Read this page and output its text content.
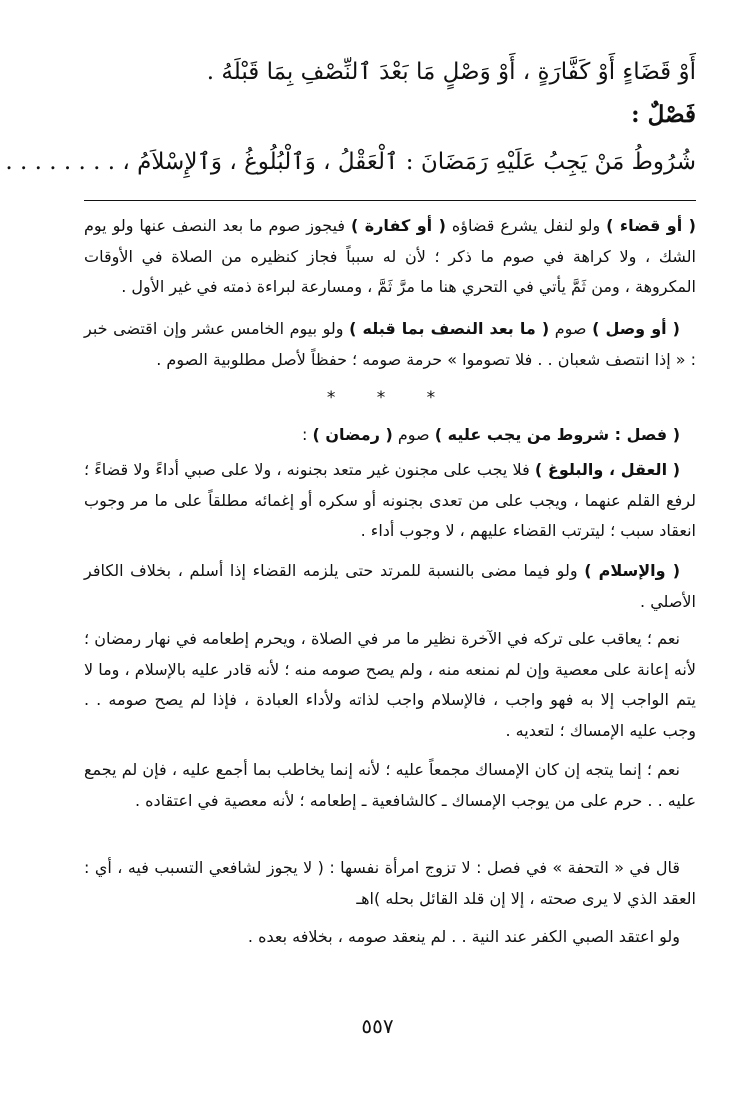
أَوْ قَضَاءٍ أَوْ كَفَّارَةٍ ، أَوْ وَصْلٍ مَا بَعْدَ ٱلنِّصْفِ بِمَا قَبْلَهُ .
فَصْلٌ :
شُرُوطُ مَنْ يَجِبُ عَلَيْهِ رَمَضَانَ : ٱلْعَقْلُ ، وَٱلْبُلُوغُ ، وَٱلإِسْلاَمُ ، . . . . . . . .
( أو قضاء ) ولو لنفل يشرع قضاؤه ( أو كفارة ) فيجوز صوم ما بعد النصف عنها ولو يوم الشك ، ولا كراهة في صوم ما ذكر ؛ لأن له سبباً فجاز كنظيره من الصلاة في الأوقات المكروهة ، ومن ثَمَّ يأتي في التحري هنا ما مرَّ ثَمَّ ، ومسارعة لبراءة ذمته في غير الأول .
( أو وصل ) صوم ( ما بعد النصف بما قبله ) ولو بيوم الخامس عشر وإن اقتضى خبر : « إذا انتصف شعبان . . فلا تصوموا » حرمة صومه ؛ حفظاً لأصل مطلوبية الصوم .
* * *
( فصل : شروط من يجب عليه ) صوم ( رمضان ) :
( العقل ، والبلوغ ) فلا يجب على مجنون غير متعد بجنونه ، ولا على صبي أداءً ولا قضاءً ؛ لرفع القلم عنهما ، ويجب على من تعدى بجنونه أو سكره أو إغمائه مطلقاً على ما مر وجوب انعقاد سبب ؛ ليترتب القضاء عليهم ، لا وجوب أداء .
( والإسلام ) ولو فيما مضى بالنسبة للمرتد حتى يلزمه القضاء إذا أسلم ، بخلاف الكافر الأصلي .
نعم ؛ يعاقب على تركه في الآخرة نظير ما مر في الصلاة ، ويحرم إطعامه في نهار رمضان ؛ لأنه إعانة على معصية وإن لم نمنعه منه ، ولم يصح صومه منه ؛ لأنه قادر عليه بالإسلام ، وما لا يتم الواجب إلا به فهو واجب ، فالإسلام واجب لذاته ولأداء العبادة ، فإذا لم يصح صومه . . وجب عليه الإمساك ؛ لتعديه .
نعم ؛ إنما يتجه إن كان الإمساك مجمعاً عليه ؛ لأنه إنما يخاطب بما أجمع عليه ، فإن لم يجمع عليه . . حرم على من يوجب الإمساك ـ كالشافعية ـ إطعامه ؛ لأنه معصية في اعتقاده .
قال في « التحفة » في فصل : لا تزوج امرأة نفسها : ( لا يجوز لشافعي التسبب فيه ، أي : العقد الذي لا يرى صحته ، إلا إن قلد القائل بحله )اهـ
ولو اعتقد الصبي الكفر عند النية . . لم ينعقد صومه ، بخلافه بعده .
٥٥٧
